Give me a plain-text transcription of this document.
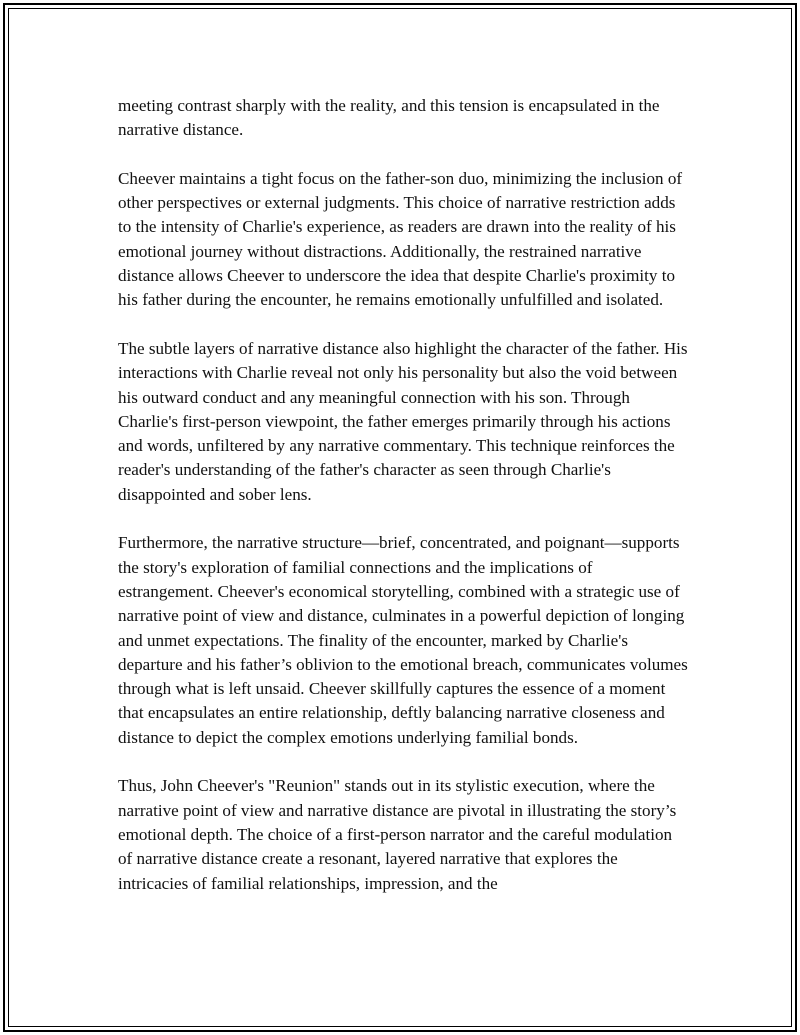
meeting contrast sharply with the reality, and this tension is encapsulated in the narrative distance.

Cheever maintains a tight focus on the father-son duo, minimizing the inclusion of other perspectives or external judgments. This choice of narrative restriction adds to the intensity of Charlie's experience, as readers are drawn into the reality of his emotional journey without distractions. Additionally, the restrained narrative distance allows Cheever to underscore the idea that despite Charlie's proximity to his father during the encounter, he remains emotionally unfulfilled and isolated.

The subtle layers of narrative distance also highlight the character of the father. His interactions with Charlie reveal not only his personality but also the void between his outward conduct and any meaningful connection with his son. Through Charlie's first-person viewpoint, the father emerges primarily through his actions and words, unfiltered by any narrative commentary. This technique reinforces the reader's understanding of the father's character as seen through Charlie's disappointed and sober lens.

Furthermore, the narrative structure—brief, concentrated, and poignant—supports the story's exploration of familial connections and the implications of estrangement. Cheever's economical storytelling, combined with a strategic use of narrative point of view and distance, culminates in a powerful depiction of longing and unmet expectations. The finality of the encounter, marked by Charlie's departure and his father’s oblivion to the emotional breach, communicates volumes through what is left unsaid. Cheever skillfully captures the essence of a moment that encapsulates an entire relationship, deftly balancing narrative closeness and distance to depict the complex emotions underlying familial bonds.

Thus, John Cheever's "Reunion" stands out in its stylistic execution, where the narrative point of view and narrative distance are pivotal in illustrating the story’s emotional depth. The choice of a first-person narrator and the careful modulation of narrative distance create a resonant, layered narrative that explores the intricacies of familial relationships, impression, and the
